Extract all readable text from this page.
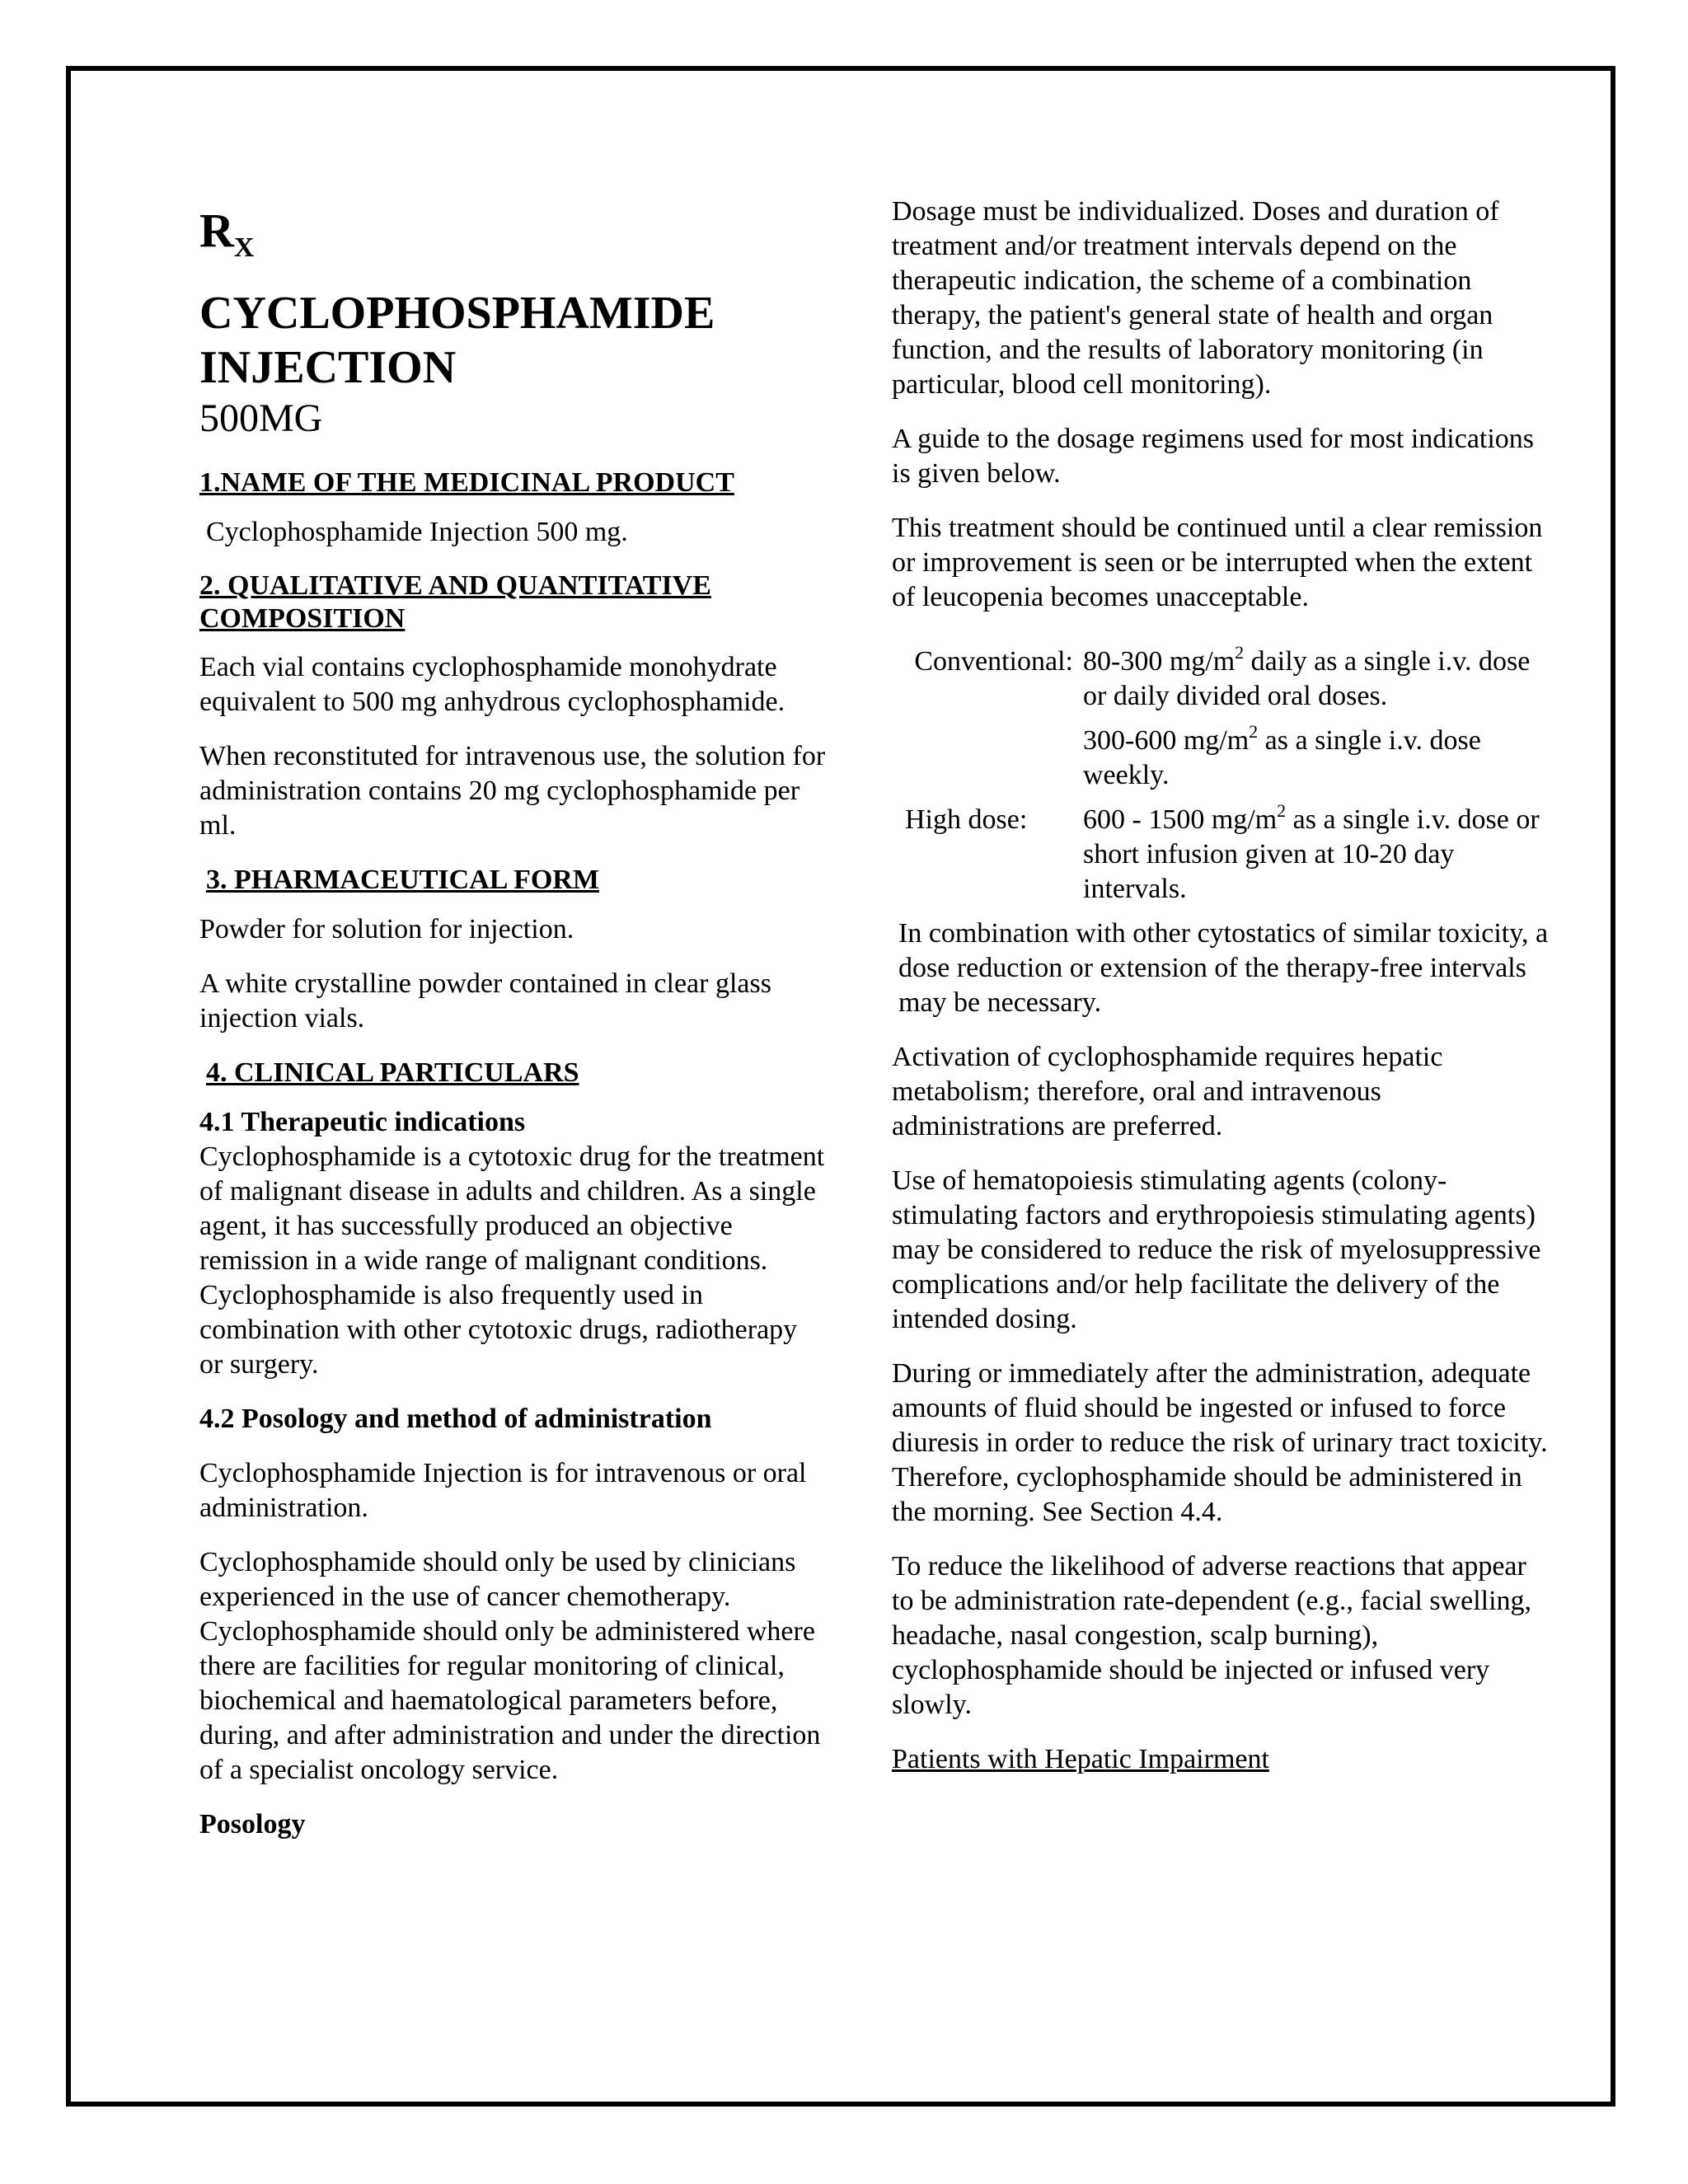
$R_X$
CYCLOPHOSPHAMIDE
INJECTION
500MG

1.NAME OF THE MEDICINAL PRODUCT

Cyclophosphamide Injection 500 mg.

2. QUALITATIVE AND QUANTITATIVE
COMPOSITION

Each vial contains cyclophosphamide monohydrate equivalent to 500 mg anhydrous cyclophosphamide.

When reconstituted for intravenous use, the solution for administration contains 20 mg cyclophosphamide per ml.

3. PHARMACEUTICAL FORM

Powder for solution for injection.

A white crystalline powder contained in clear glass injection vials.

4. CLINICAL PARTICULARS

4.1 Therapeutic indications

Cyclophosphamide is a cytotoxic drug for the treatment of malignant disease in adults and children. As a single agent, it has successfully produced an objective remission in a wide range of malignant conditions. Cyclophosphamide is also frequently used in combination with other cytotoxic drugs, radiotherapy or surgery.

4.2 Posology and method of administration

Cyclophosphamide Injection is for intravenous or oral administration.

Cyclophosphamide should only be used by clinicians experienced in the use of cancer chemotherapy. Cyclophosphamide should only be administered where there are facilities for regular monitoring of clinical, biochemical and haematological parameters before, during, and after administration and under the direction of a specialist oncology service.

Posology

Dosage must be individualized. Doses and duration of treatment and/or treatment intervals depend on the therapeutic indication, the scheme of a combination therapy, the patient's general state of health and organ function, and the results of laboratory monitoring (in particular, blood cell monitoring).

A guide to the dosage regimens used for most indications is given below.

This treatment should be continued until a clear remission or improvement is seen or be interrupted when the extent of leucopenia becomes unacceptable.

Conventional: 80-300 $mg/m^2$ daily as a single i.v. dose or daily divided oral doses.

300-600 $mg/m^2$ as a single i.v. dose weekly.

High dose:	600 - 1500 $mg/m^2$ as a single i.v. dose or short infusion given at 10-20 day intervals.

In combination with other cytostatics of similar toxicity, a dose reduction or extension of the therapy-free intervals may be necessary.

Activation of cyclophosphamide requires hepatic metabolism; therefore, oral and intravenous administrations are preferred.

Use of hematopoiesis stimulating agents (colony-stimulating factors and erythropoiesis stimulating agents) may be considered to reduce the risk of myelosuppressive complications and/or help facilitate the delivery of the intended dosing.

During or immediately after the administration, adequate amounts of fluid should be ingested or infused to force diuresis in order to reduce the risk of urinary tract toxicity. Therefore, cyclophosphamide should be administered in the morning. See Section 4.4.

To reduce the likelihood of adverse reactions that appear to be administration rate-dependent (e.g., facial swelling, headache, nasal congestion, scalp burning), cyclophosphamide should be injected or infused very slowly.

Patients with Hepatic Impairment
